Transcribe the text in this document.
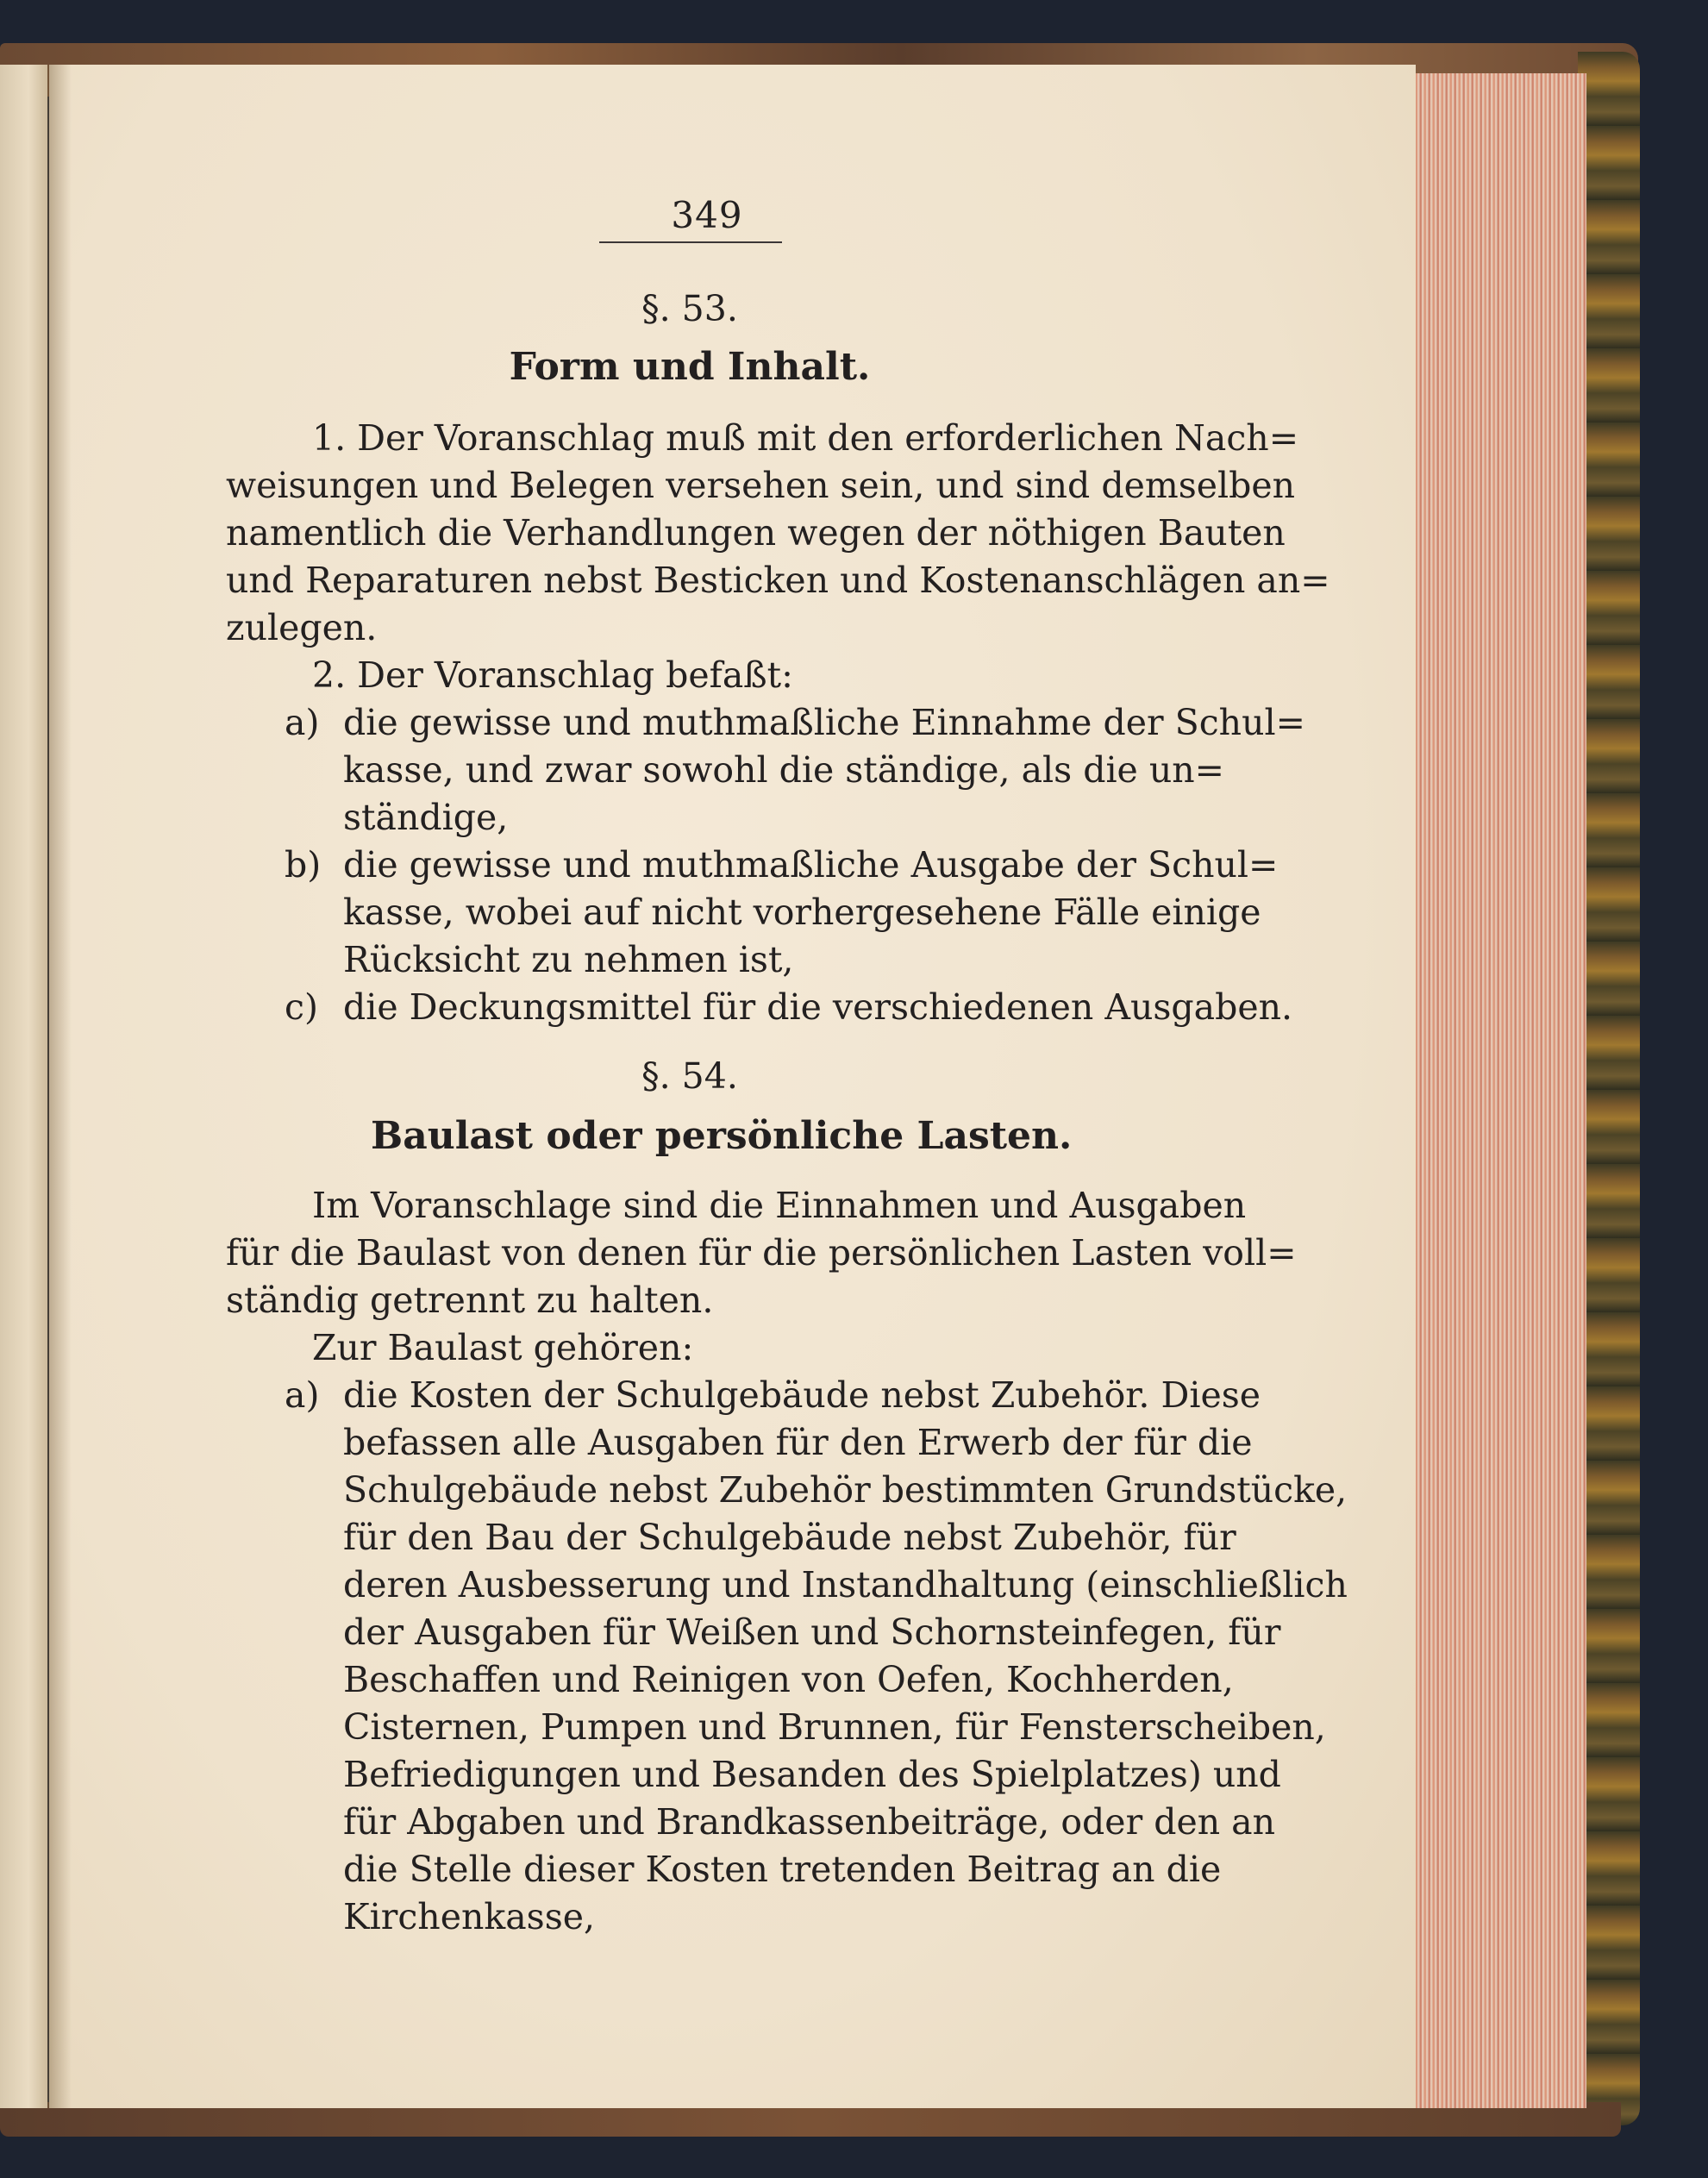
349
§. 53.
Form und Inhalt.
1. Der Voranschlag muß mit den erforderlichen Nach=
weisungen und Belegen versehen sein, und sind demselben
namentlich die Verhandlungen wegen der nöthigen Bauten
und Reparaturen nebst Besticken und Kostenanschlägen an=
zulegen.
2. Der Voranschlag befaßt:
a) die gewisse und muthmaßliche Einnahme der Schul=
kasse, und zwar sowohl die ständige, als die un=
ständige,
b) die gewisse und muthmaßliche Ausgabe der Schul=
kasse, wobei auf nicht vorhergesehene Fälle einige
Rücksicht zu nehmen ist,
c) die Deckungsmittel für die verschiedenen Ausgaben.
§. 54.
Baulast oder persönliche Lasten.
Im Voranschlage sind die Einnahmen und Ausgaben
für die Baulast von denen für die persönlichen Lasten voll=
ständig getrennt zu halten.
Zur Baulast gehören:
a) die Kosten der Schulgebäude nebst Zubehör. Diese
befassen alle Ausgaben für den Erwerb der für die
Schulgebäude nebst Zubehör bestimmten Grundstücke,
für den Bau der Schulgebäude nebst Zubehör, für
deren Ausbesserung und Instandhaltung (einschließlich
der Ausgaben für Weißen und Schornsteinfegen, für
Beschaffen und Reinigen von Oefen, Kochherden,
Cisternen, Pumpen und Brunnen, für Fensterscheiben,
Befriedigungen und Besanden des Spielplatzes) und
für Abgaben und Brandkassenbeiträge, oder den an
die Stelle dieser Kosten tretenden Beitrag an die
Kirchenkasse,
